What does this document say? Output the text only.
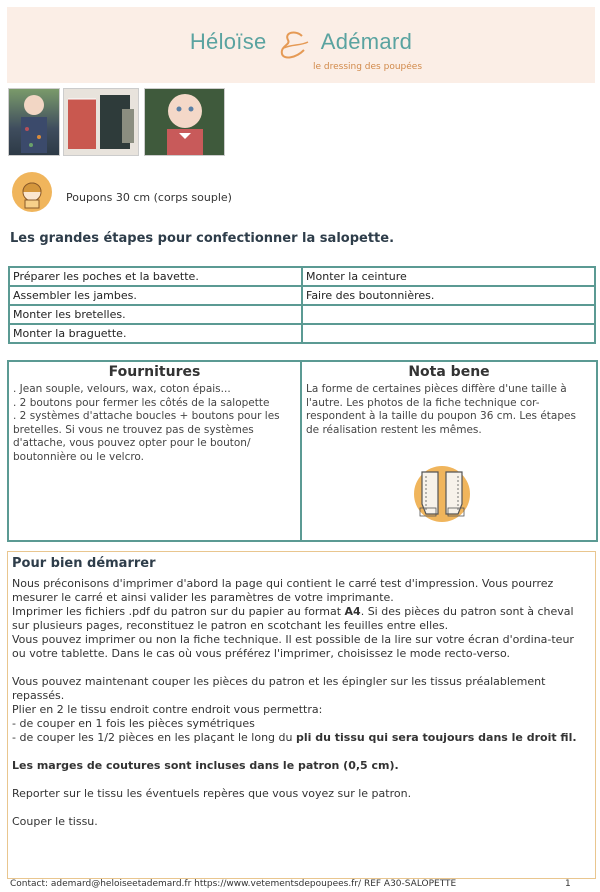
Héloïse Adémard
le dressing des poupées
Poupons 30 cm (corps souple)
Les grandes étapes pour confectionner la salopette.
Préparer les poches et la bavette.	Monter la ceinture
Assembler les jambes.	Faire des boutonnières.
Monter les bretelles.	
Monter la braguette.	
Fournitures
. Jean souple, velours, wax, coton épais...
. 2 boutons pour fermer les côtés de la salopette
. 2 systèmes d'attache boucles + boutons pour les bretelles. Si vous ne trouvez pas de systèmes d'attache, vous pouvez opter pour le bouton/ boutonnière ou le velcro.
Nota bene
La forme de certaines pièces diffère d'une taille à l'autre. Les photos de la fiche technique cor-respondent à la taille du poupon 36 cm. Les étapes de réalisation restent les mêmes.
Pour bien démarrer

Nous préconisons d'imprimer d'abord la page qui contient le carré test d'impression. Vous pourrez mesurer le carré et ainsi valider les paramètres de votre imprimante.

Imprimer les fichiers .pdf du patron sur du papier au format A4. Si des pièces du patron sont à cheval sur plusieurs pages, reconstituez le patron en scotchant les feuilles entre elles.

Vous pouvez imprimer ou non la fiche technique. Il est possible de la lire sur votre écran d'ordina-teur ou votre tablette. Dans le cas où vous préférez l'imprimer, choisissez le mode recto-verso.

Vous pouvez maintenant couper les pièces du patron et les épingler sur les tissus préalablement repassés.

Plier en 2 le tissu endroit contre endroit vous permettra:

- de couper en 1 fois les pièces symétriques

- de couper les 1/2 pièces en les plaçant le long du pli du tissu qui sera toujours dans le droit fil.

Les marges de coutures sont incluses dans le patron (0,5 cm).

Reporter sur le tissu les éventuels repères que vous voyez sur le patron.

Couper le tissu.

Contact: ademard@heloiseetademard.fr https://www.vetementsdepoupees.fr/ REF A30-SALOPETTE	1
